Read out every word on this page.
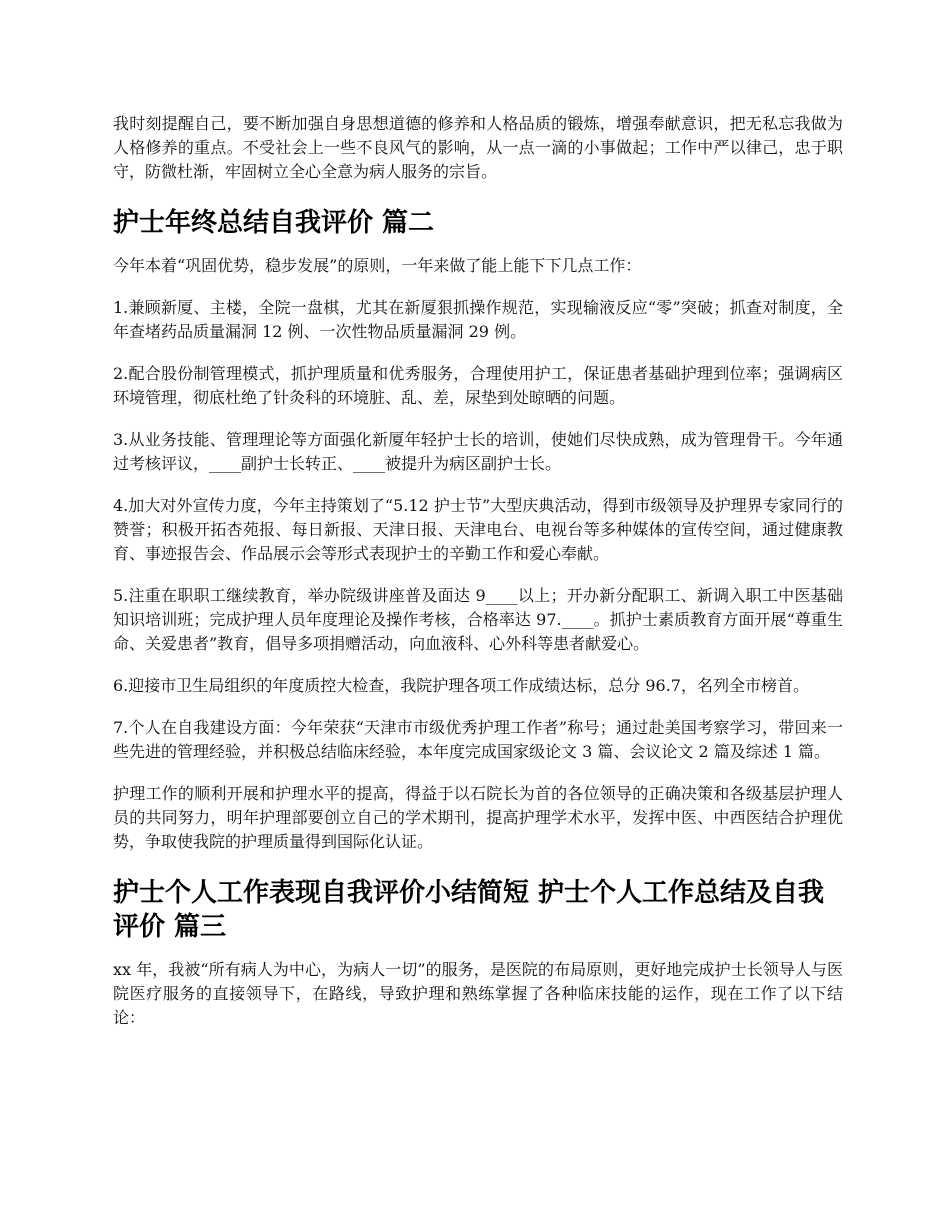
我时刻提醒自己，要不断加强自身思想道德的修养和人格品质的锻炼，增强奉献意识，把无私忘我做为人格修养的重点。不受社会上一些不良风气的影响，从一点一滴的小事做起；工作中严以律己，忠于职守，防微杜渐，牢固树立全心全意为病人服务的宗旨。

护士年终总结自我评价 篇二

今年本着“巩固优势，稳步发展”的原则，一年来做了能上能下下几点工作：

1.兼顾新厦、主楼，全院一盘棋，尤其在新厦狠抓操作规范，实现输液反应“零”突破；抓查对制度，全年查堵药品质量漏洞 12 例、一次性物品质量漏洞 29 例。

2.配合股份制管理模式，抓护理质量和优秀服务，合理使用护工，保证患者基础护理到位率；强调病区环境管理，彻底杜绝了针灸科的环境脏、乱、差，尿垫到处晾晒的问题。

3.从业务技能、管理理论等方面强化新厦年轻护士长的培训，使她们尽快成熟，成为管理骨干。今年通过考核评议，____副护士长转正、____被提升为病区副护士长。

4.加大对外宣传力度，今年主持策划了“5.12 护士节”大型庆典活动，得到市级领导及护理界专家同行的赞誉；积极开拓杏苑报、每日新报、天津日报、天津电台、电视台等多种媒体的宣传空间，通过健康教育、事迹报告会、作品展示会等形式表现护士的辛勤工作和爱心奉献。

5.注重在职职工继续教育，举办院级讲座普及面达 9____以上；开办新分配职工、新调入职工中医基础知识培训班；完成护理人员年度理论及操作考核，合格率达 97.____。抓护士素质教育方面开展“尊重生命、关爱患者”教育，倡导多项捐赠活动，向血液科、心外科等患者献爱心。

6.迎接市卫生局组织的年度质控大检查，我院护理各项工作成绩达标，总分 96.7，名列全市榜首。

7.个人在自我建设方面：今年荣获“天津市市级优秀护理工作者”称号；通过赴美国考察学习，带回来一些先进的管理经验，并积极总结临床经验，本年度完成国家级论文 3 篇、会议论文 2 篇及综述 1 篇。

护理工作的顺利开展和护理水平的提高，得益于以石院长为首的各位领导的正确决策和各级基层护理人员的共同努力，明年护理部要创立自己的学术期刊，提高护理学术水平，发挥中医、中西医结合护理优势，争取使我院的护理质量得到国际化认证。

护士个人工作表现自我评价小结简短 护士个人工作总结及自我评价 篇三

xx 年，我被“所有病人为中心，为病人一切”的服务，是医院的布局原则，更好地完成护士长领导人与医院医疗服务的直接领导下，在路线，导致护理和熟练掌握了各种临床技能的运作，现在工作了以下结论：
